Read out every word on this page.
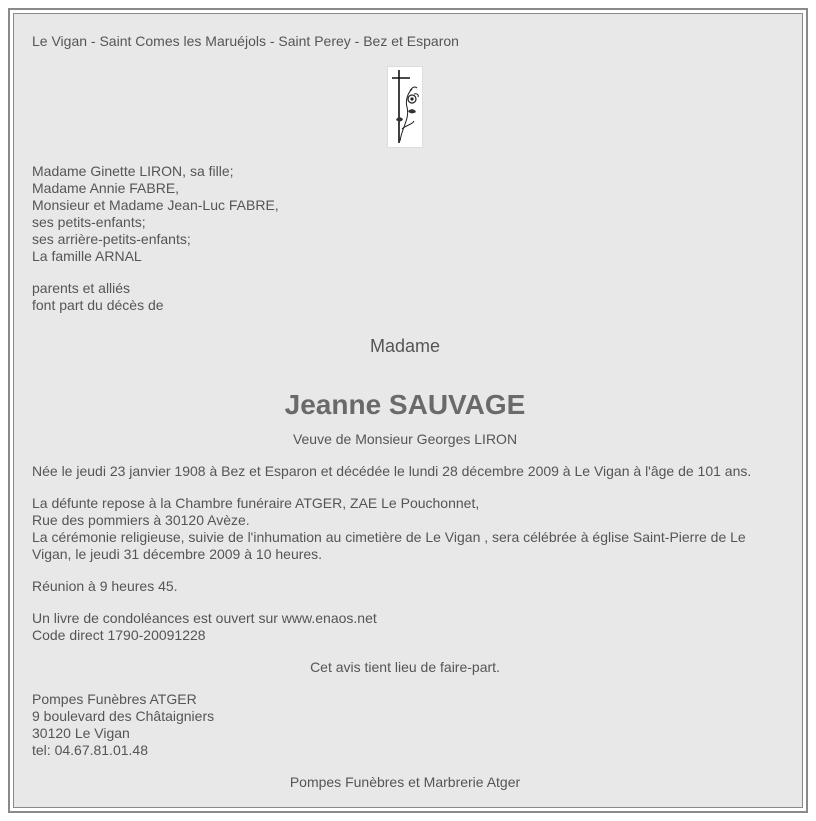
Le Vigan - Saint Comes les Maruéjols - Saint Perey - Bez et Esparon
Madame Ginette LIRON, sa fille;
Madame Annie FABRE,
Monsieur et Madame Jean-Luc FABRE,
ses petits-enfants;
ses arrière-petits-enfants;
La famille ARNAL
parents et alliés
font part du décès de
Madame
Jeanne SAUVAGE
Veuve de Monsieur Georges LIRON
Née le jeudi 23 janvier 1908 à Bez et Esparon et décédée le lundi 28 décembre 2009 à Le Vigan à l'âge de 101 ans.
La défunte repose à la Chambre funéraire ATGER, ZAE Le Pouchonnet,
Rue des pommiers à 30120 Avèze.
La cérémonie religieuse, suivie de l'inhumation au cimetière de Le Vigan , sera célébrée à église Saint-Pierre de Le Vigan, le jeudi 31 décembre 2009 à 10 heures.
Réunion à 9 heures 45.
Un livre de condoléances est ouvert sur www.enaos.net
Code direct 1790-20091228
Cet avis tient lieu de faire-part.
Pompes Funèbres ATGER
9 boulevard des Châtaigniers
30120 Le Vigan
tel: 04.67.81.01.48
Pompes Funèbres et Marbrerie Atger
